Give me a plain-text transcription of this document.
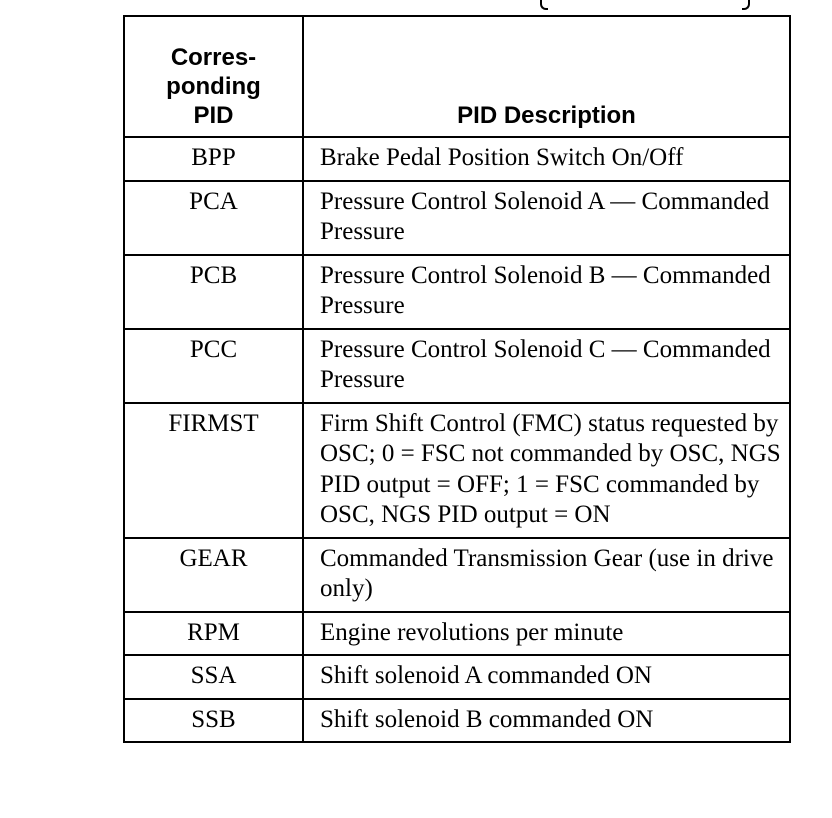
Corres-
ponding
PID	PID Description
BPP	Brake Pedal Position Switch On/Off
PCA	Pressure Control Solenoid A — Commanded Pressure
PCB	Pressure Control Solenoid B — Commanded Pressure
PCC	Pressure Control Solenoid C — Commanded Pressure
FIRMST	Firm Shift Control (FMC) status requested by OSC; 0 = FSC not commanded by OSC, NGS PID output = OFF; 1 = FSC commanded by OSC, NGS PID output = ON
GEAR	Commanded Transmission Gear (use in drive only)
RPM	Engine revolutions per minute
SSA	Shift solenoid A commanded ON
SSB	Shift solenoid B commanded ON
